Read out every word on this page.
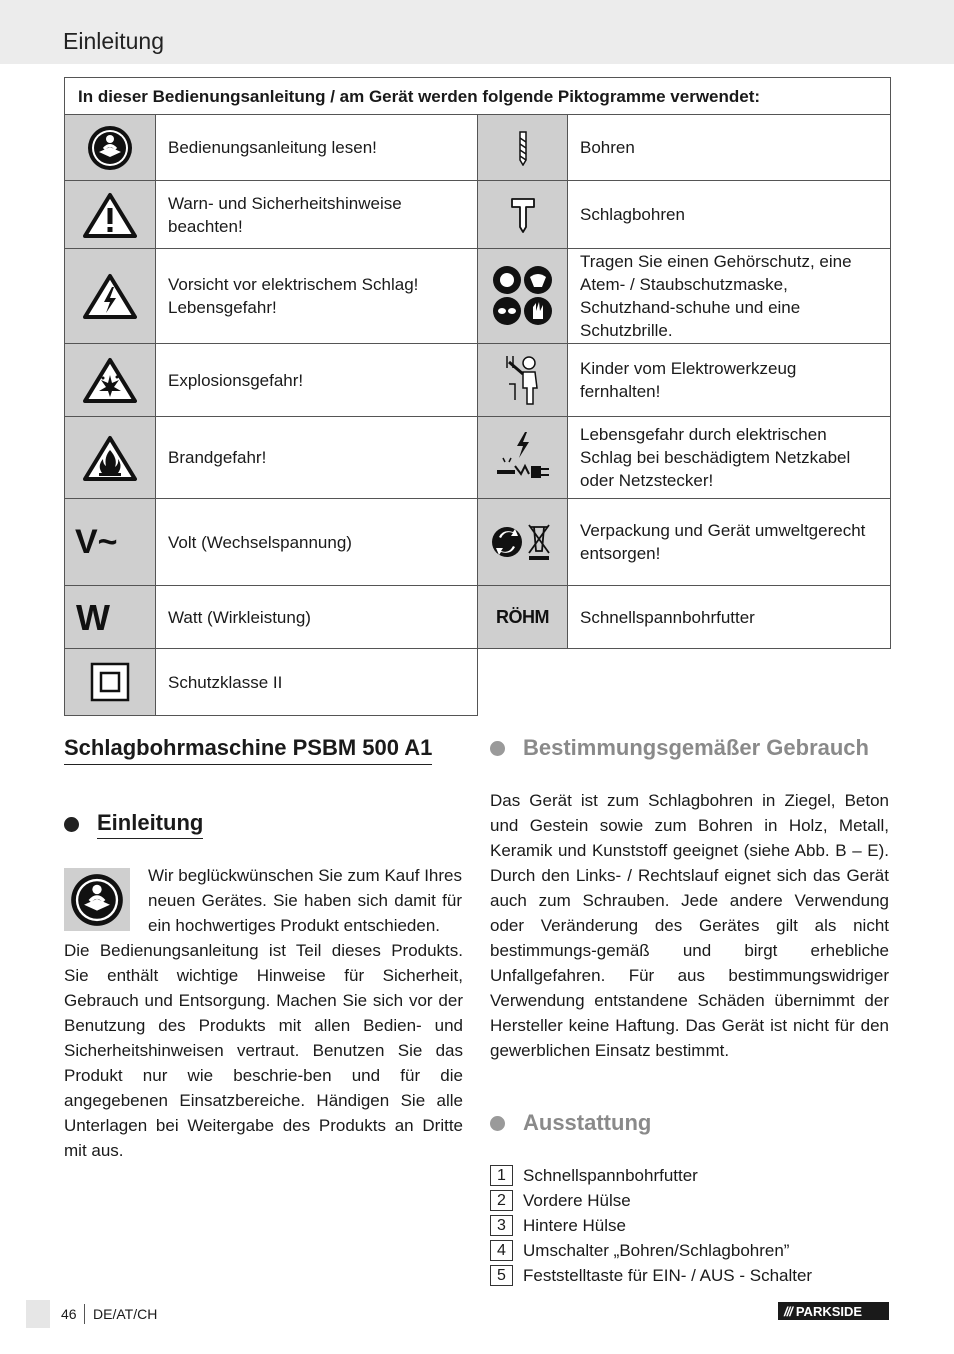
Einleitung
In dieser Bedienungsanleitung / am Gerät werden folgende Piktogramme verwendet:			

	Bedienungsanleitung lesen!		Bohren

	Warn- und Sicherheitshinweise beachten!		Schlagbohren

	Vorsicht vor elektrischem Schlag! Lebensgefahr!		Tragen Sie einen Gehörschutz, eine Atem- / Staubschutzmaske, Schutzhand-schuhe und eine Schutzbrille.

	Explosionsgefahr!		Kinder vom Elektrowerkzeug fernhalten!

	Brandgefahr!		Lebensgefahr durch elektrischen Schlag bei beschädigtem Netzkabel oder Netzstecker!

V~	Volt (Wechselspannung)		Verpackung und Gerät umweltgerecht entsorgen!

W	Watt (Wirkleistung)	RÖHM	Schnellspannbohrfutter

	Schutzklasse II		
Schlagbohrmaschine PSBM 500 A1
Einleitung

Wir beglückwünschen Sie zum Kauf Ihres neuen Gerätes. Sie haben sich damit für ein hochwertiges Produkt entschieden.

Die Bedienungsanleitung ist Teil dieses Produkts. Sie enthält wichtige Hinweise für Sicherheit, Gebrauch und Entsorgung. Machen Sie sich vor der Benutzung des Produkts mit allen Bedien- und Sicherheitshinweisen vertraut. Benutzen Sie das Produkt nur wie beschrie-ben und für die angegebenen Einsatzbereiche. Händigen Sie alle Unterlagen bei Weitergabe des Produkts an Dritte mit aus.

Bestimmungsgemäßer Gebrauch

Das Gerät ist zum Schlagbohren in Ziegel, Beton und Gestein sowie zum Bohren in Holz, Metall, Keramik und Kunststoff geeignet (siehe Abb. B – E). Durch den Links- / Rechtslauf eignet sich das Gerät auch zum Schrauben. Jede andere Verwendung oder Veränderung des Gerätes gilt als nicht bestimmungs-gemäß und birgt erhebliche Unfallgefahren. Für aus bestimmungswidriger Verwendung entstandene Schäden übernimmt der Hersteller keine Haftung. Das Gerät ist nicht für den gewerblichen Einsatz bestimmt.

Ausstattung
1	Schnellspannbohrfutter
2	Vordere Hülse
3	Hintere Hülse
4	Umschalter „Bohren/Schlagbohren”
5	Feststelltaste für EIN- / AUS - Schalter
46 DE/AT/CH	/// PARKSIDE
